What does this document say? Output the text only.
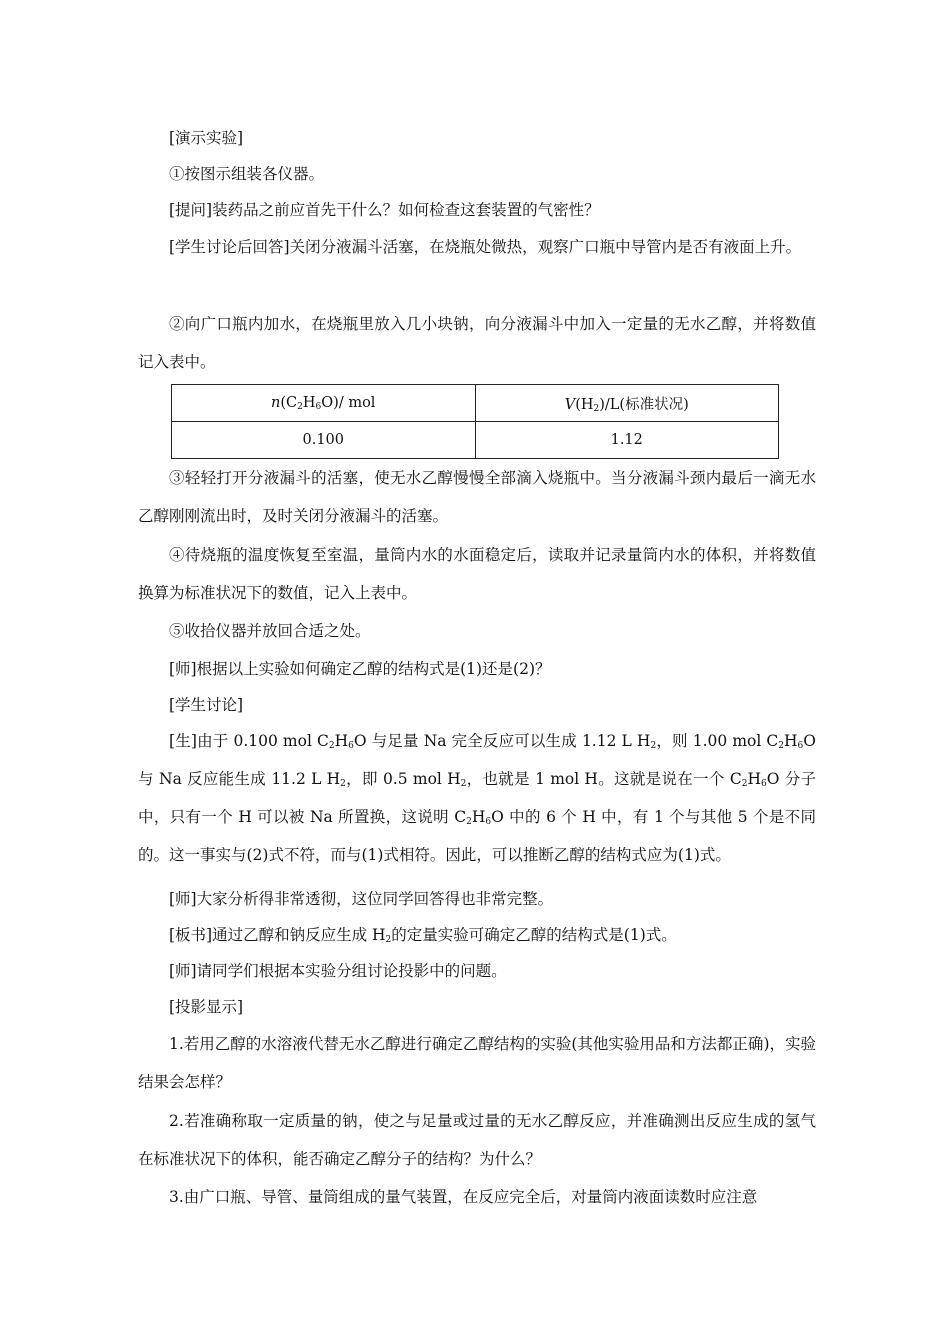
[演示实验]

①按图示组装各仪器。

[提问]装药品之前应首先干什么？如何检查这套装置的气密性？

[学生讨论后回答]关闭分液漏斗活塞，在烧瓶处微热，观察广口瓶中导管内是否有液面上升。

②向广口瓶内加水，在烧瓶里放入几小块钠，向分液漏斗中加入一定量的无水乙醇，并将数值记入表中。

$n(C_2H_6O)/$ mol	$V(H_2)/L$(标准状况)
0.100	1.12

③轻轻打开分液漏斗的活塞，使无水乙醇慢慢全部滴入烧瓶中。当分液漏斗颈内最后一滴无水乙醇刚刚流出时，及时关闭分液漏斗的活塞。

④待烧瓶的温度恢复至室温，量筒内水的水面稳定后，读取并记录量筒内水的体积，并将数值换算为标准状况下的数值，记入上表中。

⑤收拾仪器并放回合适之处。

[师]根据以上实验如何确定乙醇的结构式是(1)还是(2)？

[学生讨论]

[生]由于 0.100 mol $C_2H_6O$ 与足量 Na 完全反应可以生成 1.12 L $H_2$，则 1.00 mol $C_2H_6O$ 与 Na 反应能生成 11.2 L $H_2$，即 0.5 mol $H_2$，也就是 1 mol H。这就是说在一个 $C_2H_6O$ 分子中，只有一个 H 可以被 Na 所置换，这说明 $C_2H_6O$ 中的 6 个 H 中，有 1 个与其他 5 个是不同的。这一事实与(2)式不符，而与(1)式相符。因此，可以推断乙醇的结构式应为(1)式。

[师]大家分析得非常透彻，这位同学回答得也非常完整。

[板书]通过乙醇和钠反应生成 $H_2$的定量实验可确定乙醇的结构式是(1)式。

[师]请同学们根据本实验分组讨论投影中的问题。

[投影显示]

1.若用乙醇的水溶液代替无水乙醇进行确定乙醇结构的实验(其他实验用品和方法都正确)，实验结果会怎样？

2.若准确称取一定质量的钠，使之与足量或过量的无水乙醇反应，并准确测出反应生成的氢气在标准状况下的体积，能否确定乙醇分子的结构？为什么？

3.由广口瓶、导管、量筒组成的量气装置，在反应完全后，对量筒内液面读数时应注意
